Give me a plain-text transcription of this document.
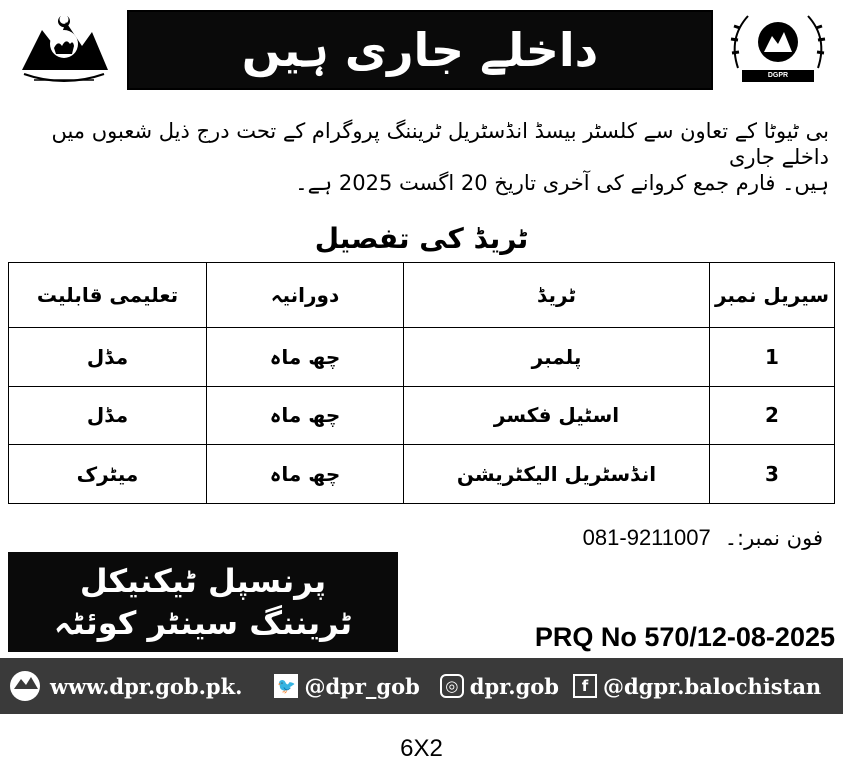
داخلے جاری ہیں	DGPR BALOCHISTAN
بی ٹیوٹا کے تعاون سے کلسٹر بیسڈ انڈسٹریل ٹریننگ پروگرام کے تحت درج ذیل شعبوں میں داخلے جاری
ہیں۔ فارم جمع کروانے کی آخری تاریخ 20 اگست 2025 ہے۔
ٹریڈ کی تفصیل
سیریل نمبر	ٹریڈ	دورانیہ	تعلیمی قابلیت
1	پلمبر	چھ ماہ	مڈل
2	اسٹیل فکسر	چھ ماہ	مڈل
3	انڈسٹریل الیکٹریشن	چھ ماہ	میٹرک
فون نمبر:۔
081-9211007
پرنسپل ٹیکنیکل
ٹریننگ سینٹر کوئٹہ	PRQ No 570/12-08-2025
www.dpr.gob.pk. 🐦 @dpr_gob	◎ dpr.gob	f @dgpr.balochistan
6X2
